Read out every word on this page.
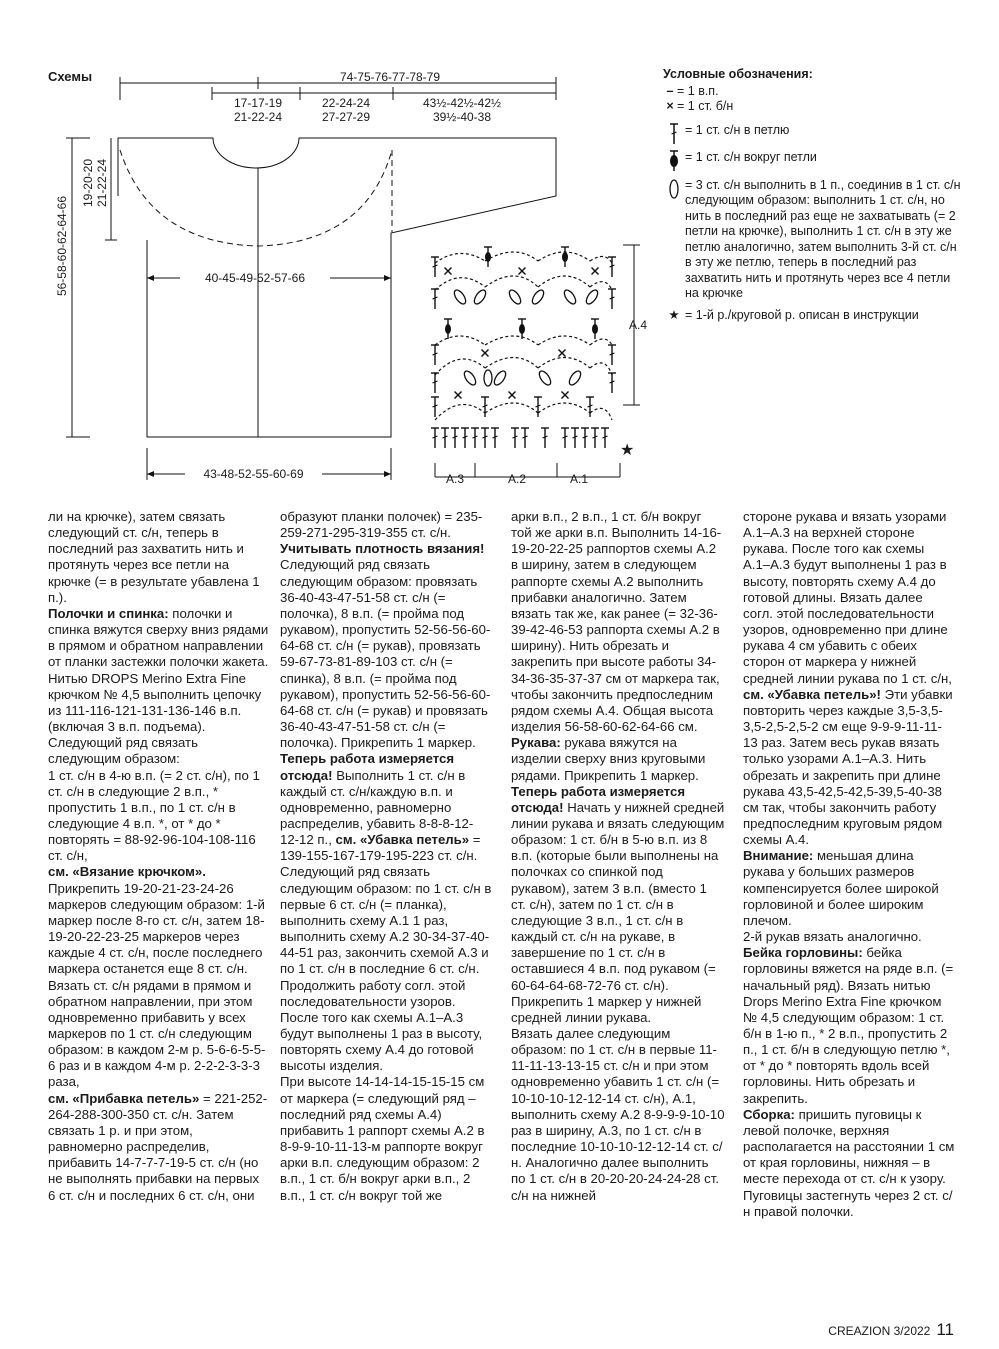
Схемы	74-75-76-77-78-79
17-17-19
21-22-24
22-24-24
27-27-29
43½-42½-42½
39½-40-38
56-58-60-62-64-66
19-20-20 21-22-24
40-45-49-52-57-66
43-48-52-55-60-69
A.4
A.3	A.2	A.1
★
Условные обозначения:
– = 1 в.п.
× = 1 ст. б/н
= 1 ст. с/н в петлю
= 1 ст. с/н вокруг петли
= 3 ст. с/н выполнить в 1 п., соединив в 1 ст. с/н следующим образом: выполнить 1 ст. с/н, но нить в последний раз еще не захватывать (= 2 петли на крючке), выполнить 1 ст. с/н в эту же петлю аналогично, затем выполнить 3-й ст. с/н в эту же петлю, теперь в последний раз захватить нить и протянуть через все 4 петли на крючке
★ = 1-й р./круговой р. описан в инструкции

ли на крючке), затем связать следующий ст. с/н, теперь в последний раз захватить нить и протянуть через все петли на крючке (= в результате убавлена 1 п.).

Полочки и спинка: полочки и спинка вяжутся сверху вниз рядами в прямом и обратном направлении от планки застежки полочки жакета. Нитью DROPS Merino Extra Fine крючком № 4,5 выполнить цепочку из 111-116-121-131-136-146 в.п. (включая 3 в.п. подъема).

Следующий ряд связать следующим образом:

1 ст. с/н в 4-ю в.п. (= 2 ст. с/н), по 1 ст. с/н в следующие 2 в.п., * пропустить 1 в.п., по 1 ст. с/н в следующие 4 в.п. *, от * до * повторять = 88-92-96-104-108-116 ст. с/н,

см. «Вязание крючком».

Прикрепить 19-20-21-23-24-26 маркеров следующим образом: 1-й маркер после 8-го ст. с/н, затем 18-19-20-22-23-25 маркеров через каждые 4 ст. с/н, после последнего маркера останется еще 8 ст. с/н. Вязать ст. с/н рядами в прямом и обратном направлении, при этом одновременно прибавить у всех маркеров по 1 ст. с/н следующим образом: в каждом 2-м р. 5-6-6-5-5-6 раз и в каждом 4-м р. 2-2-2-3-3-3 раза,

см. «Прибавка петель» = 221-252-264-288-300-350 ст. с/н. Затем связать 1 р. и при этом, равномерно распределив, прибавить 14-7-7-7-19-5 ст. с/н (но не выполнять прибавки на первых 6 ст. с/н и последних 6 ст. с/н, они

образуют планки полочек) = 235-259-271-295-319-355 ст. с/н. Учитывать плотность вязания!

Следующий ряд связать следующим образом: провязать 36-40-43-47-51-58 ст. с/н (= полочка), 8 в.п. (= пройма под рукавом), пропустить 52-56-56-60-64-68 ст. с/н (= рукав), провязать 59-67-73-81-89-103 ст. с/н (= спинка), 8 в.п. (= пройма под рукавом), пропустить 52-56-56-60-64-68 ст. с/н (= рукав) и провязать 36-40-43-47-51-58 ст. с/н (= полочка). Прикрепить 1 маркер.

Теперь работа измеряется отсюда! Выполнить 1 ст. с/н в каждый ст. с/н/каждую в.п. и одновременно, равномерно распределив, убавить 8-8-8-12-12-12 п., см. «Убавка петель» = 139-155-167-179-195-223 ст. с/н.

Следующий ряд связать следующим образом: по 1 ст. с/н в первые 6 ст. с/н (= планка), выполнить схему А.1 1 раз, выполнить схему А.2 30-34-37-40-44-51 раз, закончить схемой А.3 и по 1 ст. с/н в последние 6 ст. с/н. Продолжить работу согл. этой последовательности узоров. После того как схемы А.1–А.3 будут выполнены 1 раз в высоту, повторять схему А.4 до готовой высоты изделия.

При высоте 14-14-14-15-15-15 см от маркера (= следующий ряд – последний ряд схемы А.4) прибавить 1 раппорт схемы А.2 в 8-9-9-10-11-13-м раппорте вокруг арки в.п. следующим образом: 2 в.п., 1 ст. б/н вокруг арки в.п., 2 в.п., 1 ст. с/н вокруг той же

арки в.п., 2 в.п., 1 ст. б/н вокруг той же арки в.п. Выполнить 14-16-19-20-22-25 раппортов схемы А.2 в ширину, затем в следующем раппорте схемы А.2 выполнить прибавки аналогично. Затем вязать так же, как ранее (= 32-36-39-42-46-53 раппорта схемы А.2 в ширину). Нить обрезать и закрепить при высоте работы 34-34-36-35-37-37 см от маркера так, чтобы закончить предпоследним рядом схемы А.4. Общая высота изделия 56-58-60-62-64-66 см.

Рукава: рукава вяжутся на изделии сверху вниз круговыми рядами. Прикрепить 1 маркер. Теперь работа измеряется отсюда! Начать у нижней средней линии рукава и вязать следующим образом: 1 ст. б/н в 5-ю в.п. из 8 в.п. (которые были выполнены на полочках со спинкой под рукавом), затем 3 в.п. (вместо 1 ст. с/н), затем по 1 ст. с/н в следующие 3 в.п., 1 ст. с/н в каждый ст. с/н на рукаве, в завершение по 1 ст. с/н в оставшиеся 4 в.п. под рукавом (= 60-64-64-68-72-76 ст. с/н). Прикрепить 1 маркер у нижней средней линии рукава.

Вязать далее следующим образом: по 1 ст. с/н в первые 11-11-11-13-13-15 ст. с/н и при этом одновременно убавить 1 ст. с/н (= 10-10-10-12-12-14 ст. с/н), А.1, выполнить схему А.2 8-9-9-9-10-10 раз в ширину, А.3, по 1 ст. с/н в последние 10-10-10-12-12-14 ст. с/н. Аналогично далее выполнить по 1 ст. с/н в 20-20-20-24-24-28 ст. с/н на нижней

стороне рукава и вязать узорами А.1–А.3 на верхней стороне рукава. После того как схемы А.1–А.3 будут выполнены 1 раз в высоту, повторять схему А.4 до готовой длины. Вязать далее согл. этой последовательности узоров, одновременно при длине рукава 4 см убавить с обеих сторон от маркера у нижней средней линии рукава по 1 ст. с/н, см. «Убавка петель»! Эти убавки повторить через каждые 3,5-3,5-3,5-2,5-2,5-2 см еще 9-9-9-11-11-13 раз. Затем весь рукав вязать только узорами А.1–А.3. Нить обрезать и закрепить при длине рукава 43,5-42,5-42,5-39,5-40-38 см так, чтобы закончить работу предпоследним круговым рядом схемы А.4.

Внимание: меньшая длина рукава у больших размеров компенсируется более широкой горловиной и более широким плечом.

2-й рукав вязать аналогично.

Бейка горловины: бейка горловины вяжется на ряде в.п. (= начальный ряд). Вязать нитью Drops Merino Extra Fine крючком № 4,5 следующим образом: 1 ст. б/н в 1-ю п., * 2 в.п., пропустить 2 п., 1 ст. б/н в следующую петлю *, от * до * повторять вдоль всей горловины. Нить обрезать и закрепить.

Сборка: пришить пуговицы к левой полочке, верхняя располагается на расстоянии 1 см от края горловины, нижняя – в месте перехода от ст. с/н к узору. Пуговицы застегнуть через 2 ст. с/н правой полочки.

CREAZION 3/2022 11
